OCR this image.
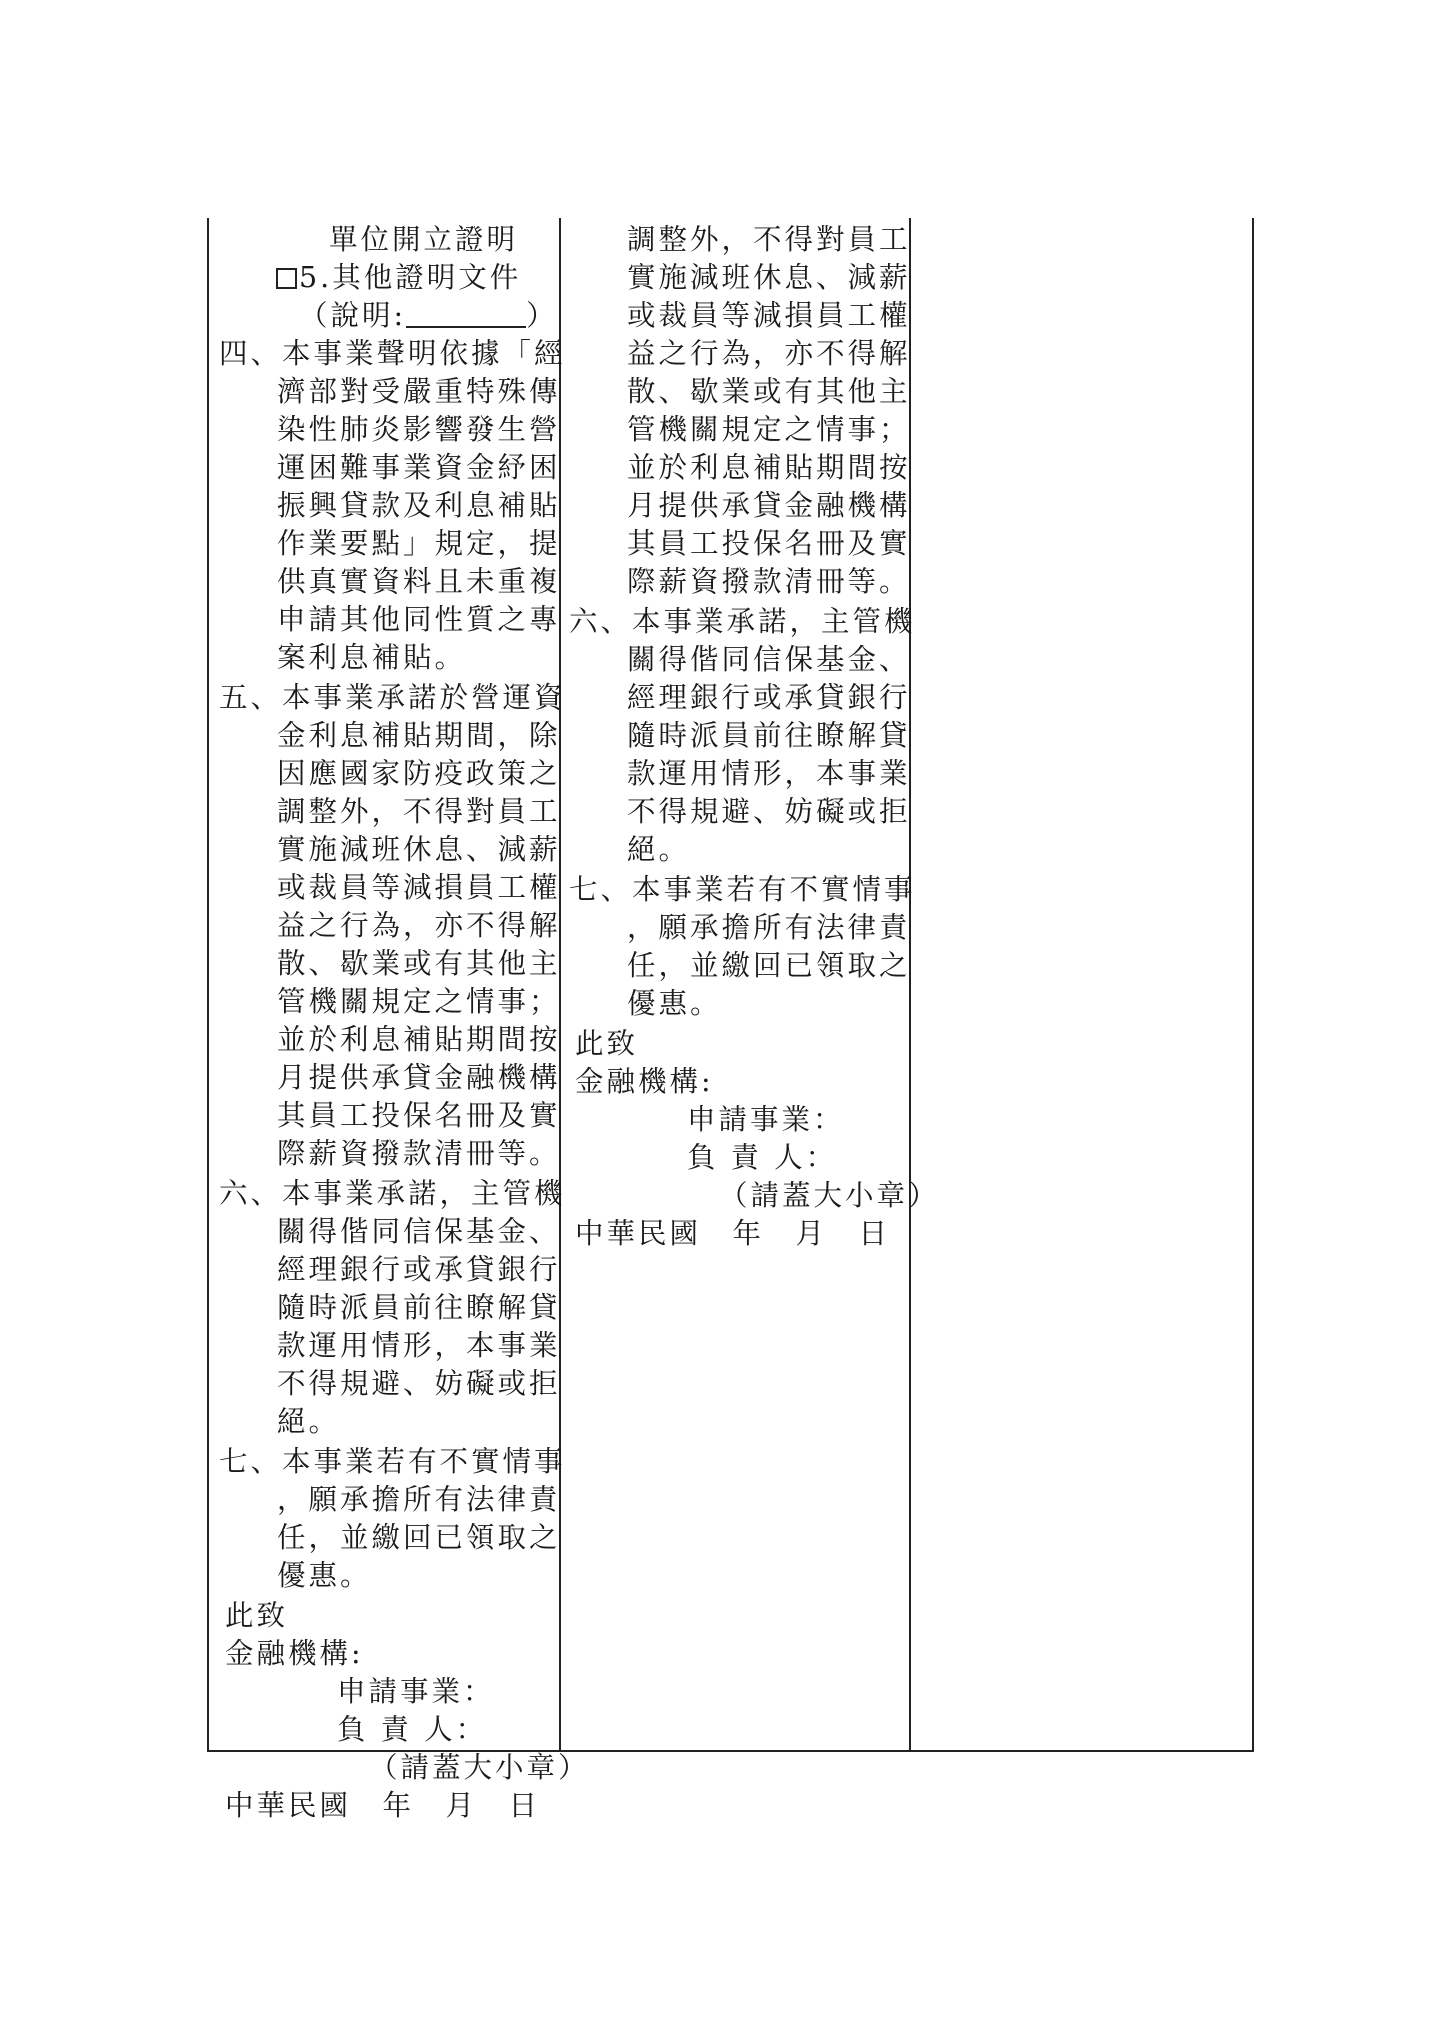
單位開立證明
5.其他證明文件
（說明:	）
四、本事業聲明依據「經
濟部對受嚴重特殊傳
染性肺炎影響發生營
運困難事業資金紓困
振興貸款及利息補貼
作業要點」規定，提
供真實資料且未重複
申請其他同性質之專
案利息補貼。
五、本事業承諾於營運資
金利息補貼期間，除
因應國家防疫政策之
調整外，不得對員工
實施減班休息、減薪
或裁員等減損員工權
益之行為，亦不得解
散、歇業或有其他主
管機關規定之情事；
並於利息補貼期間按
月提供承貸金融機構
其員工投保名冊及實
際薪資撥款清冊等。
六、本事業承諾，主管機
關得偕同信保基金、
經理銀行或承貸銀行
隨時派員前往瞭解貸
款運用情形，本事業
不得規避、妨礙或拒
絕。
七、本事業若有不實情事
，願承擔所有法律責
任，並繳回已領取之
優惠。
此致
金融機構:
申請事業：
負 責 人：
（請蓋大小章）
中華民國　年　月　日
調整外，不得對員工
實施減班休息、減薪
或裁員等減損員工權
益之行為，亦不得解
散、歇業或有其他主
管機關規定之情事；
並於利息補貼期間按
月提供承貸金融機構
其員工投保名冊及實
際薪資撥款清冊等。
六、本事業承諾，主管機
關得偕同信保基金、
經理銀行或承貸銀行
隨時派員前往瞭解貸
款運用情形，本事業
不得規避、妨礙或拒
絕。
七、本事業若有不實情事
，願承擔所有法律責
任，並繳回已領取之
優惠。
此致
金融機構:
申請事業：
負 責 人：
（請蓋大小章）
中華民國　年　月　日
